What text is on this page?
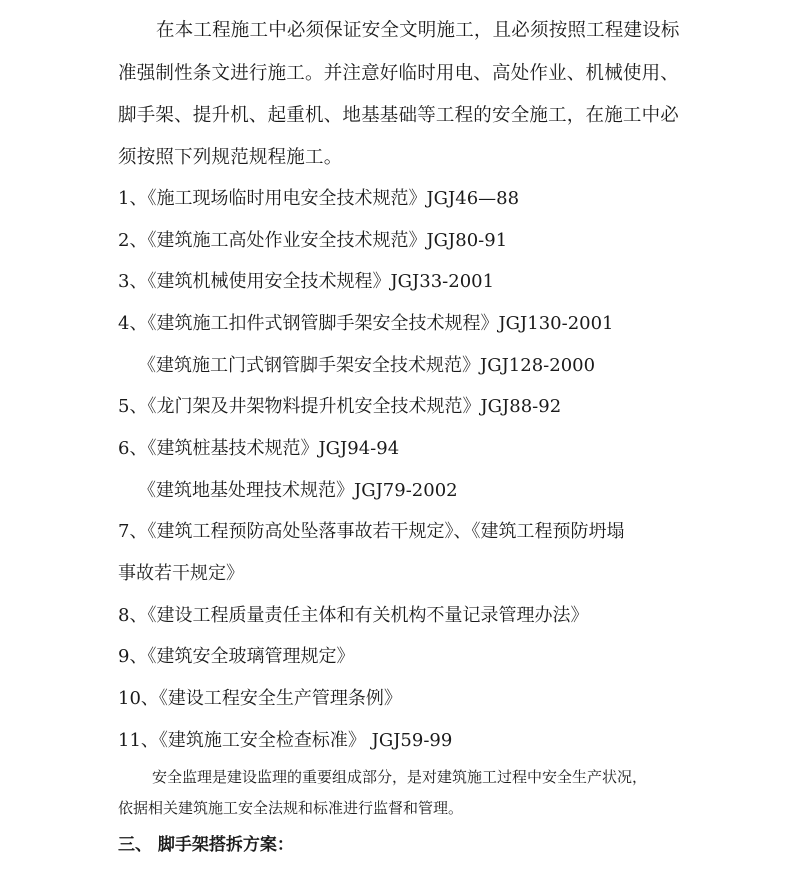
在本工程施工中必须保证安全文明施工，且必须按照工程建设标
准强制性条文进行施工。并注意好临时用电、高处作业、机械使用、
脚手架、提升机、起重机、地基基础等工程的安全施工，在施工中必
须按照下列规范规程施工。
1、《施工现场临时用电安全技术规范》JGJ46—88
2、《建筑施工高处作业安全技术规范》JGJ80-91
3、《建筑机械使用安全技术规程》JGJ33-2001
4、《建筑施工扣件式钢管脚手架安全技术规程》JGJ130-2001
《建筑施工门式钢管脚手架安全技术规范》JGJ128-2000
5、《龙门架及井架物料提升机安全技术规范》JGJ88-92
6、《建筑桩基技术规范》JGJ94-94
《建筑地基处理技术规范》JGJ79-2002
7、《建筑工程预防高处坠落事故若干规定》、《建筑工程预防坍塌
事故若干规定》
8、《建设工程质量责任主体和有关机构不量记录管理办法》
9、《建筑安全玻璃管理规定》
10、《建设工程安全生产管理条例》
11、《建筑施工安全检查标准》 JGJ59-99
安全监理是建设监理的重要组成部分，是对建筑施工过程中安全生产状况，
依据相关建筑施工安全法规和标准进行监督和管理。
三、 脚手架搭拆方案：
